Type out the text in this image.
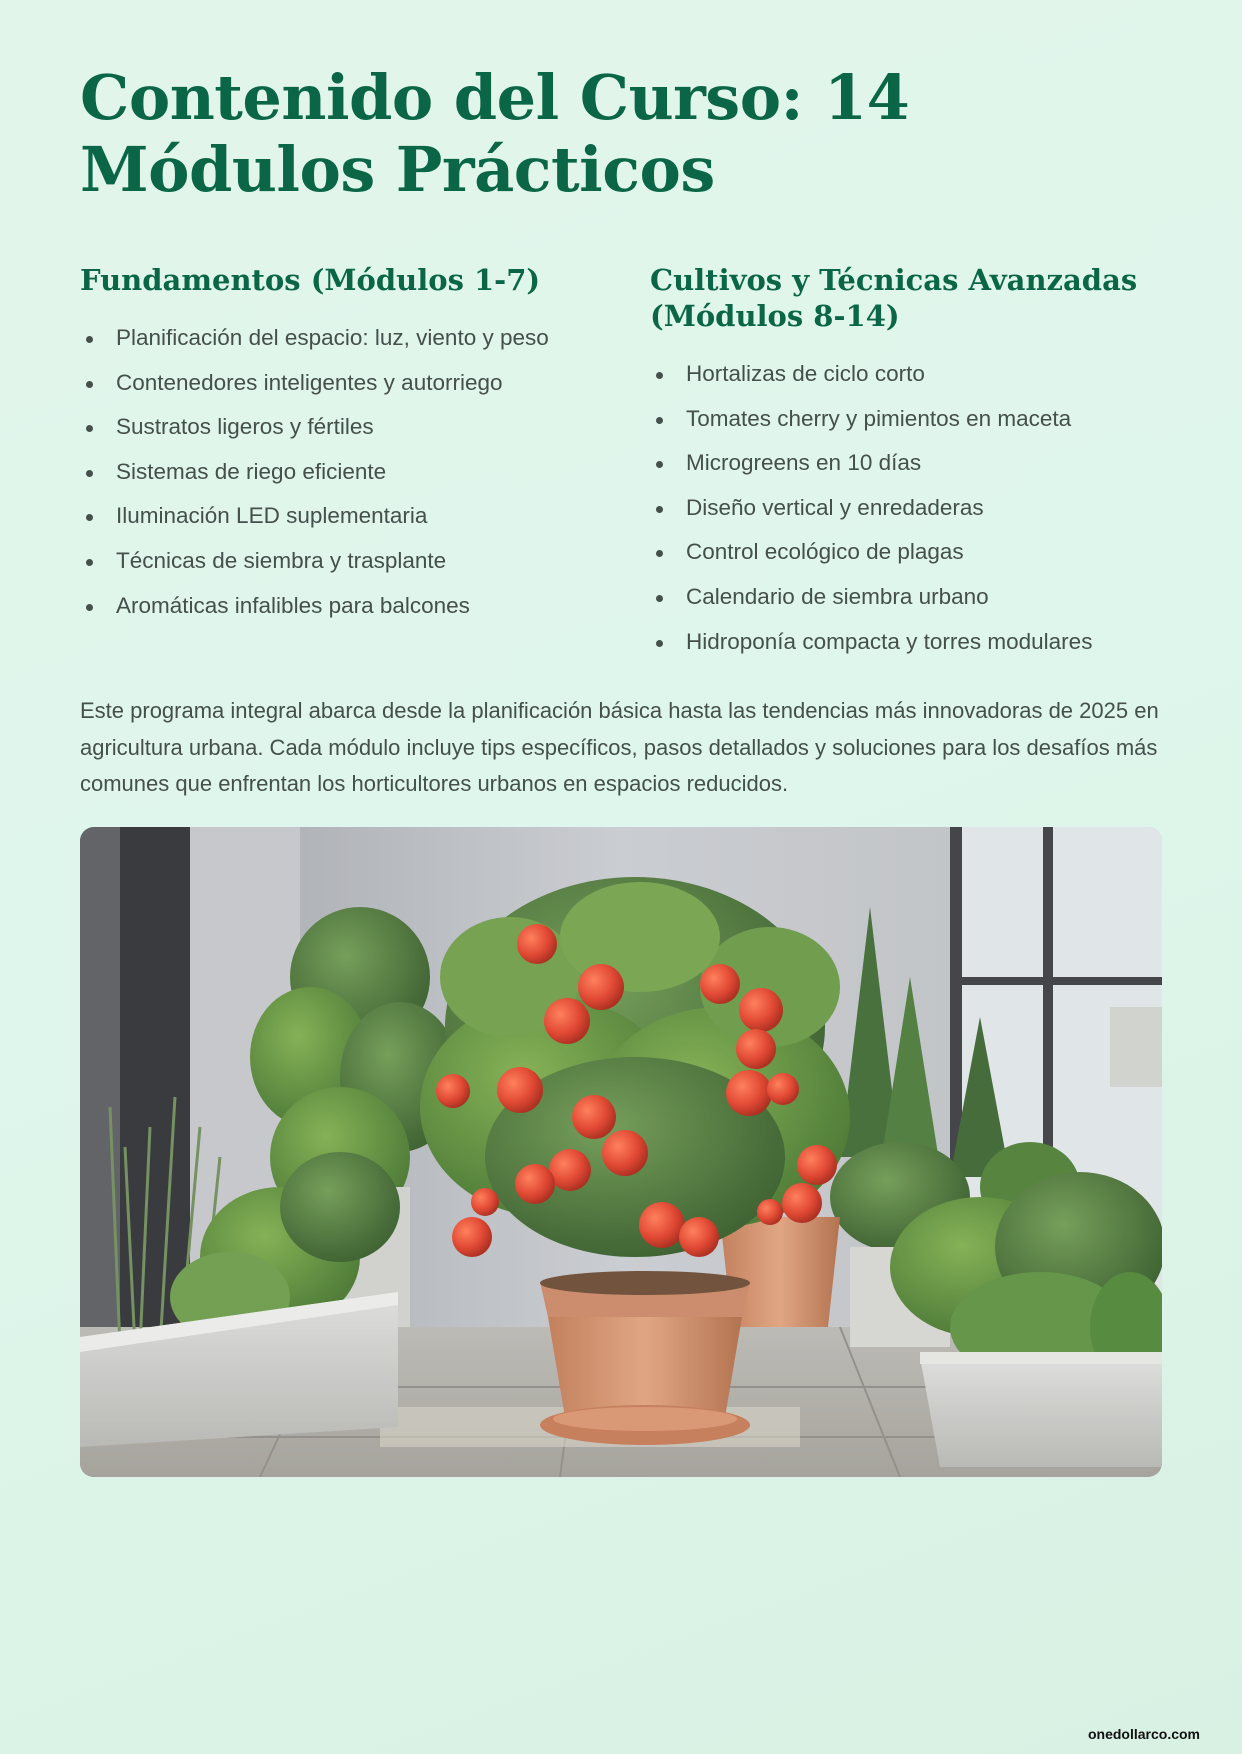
Contenido del Curso: 14 Módulos Prácticos
Fundamentos (Módulos 1-7)
Planificación del espacio: luz, viento y peso
Contenedores inteligentes y autorriego
Sustratos ligeros y fértiles
Sistemas de riego eficiente
Iluminación LED suplementaria
Técnicas de siembra y trasplante
Aromáticas infalibles para balcones
Cultivos y Técnicas Avanzadas (Módulos 8-14)
Hortalizas de ciclo corto
Tomates cherry y pimientos en maceta
Microgreens en 10 días
Diseño vertical y enredaderas
Control ecológico de plagas
Calendario de siembra urbano
Hidroponía compacta y torres modulares

Este programa integral abarca desde la planificación básica hasta las tendencias más innovadoras de 2025 en agricultura urbana. Cada módulo incluye tips específicos, pasos detallados y soluciones para los desafíos más comunes que enfrentan los horticultores urbanos en espacios reducidos.

onedollarco.com
